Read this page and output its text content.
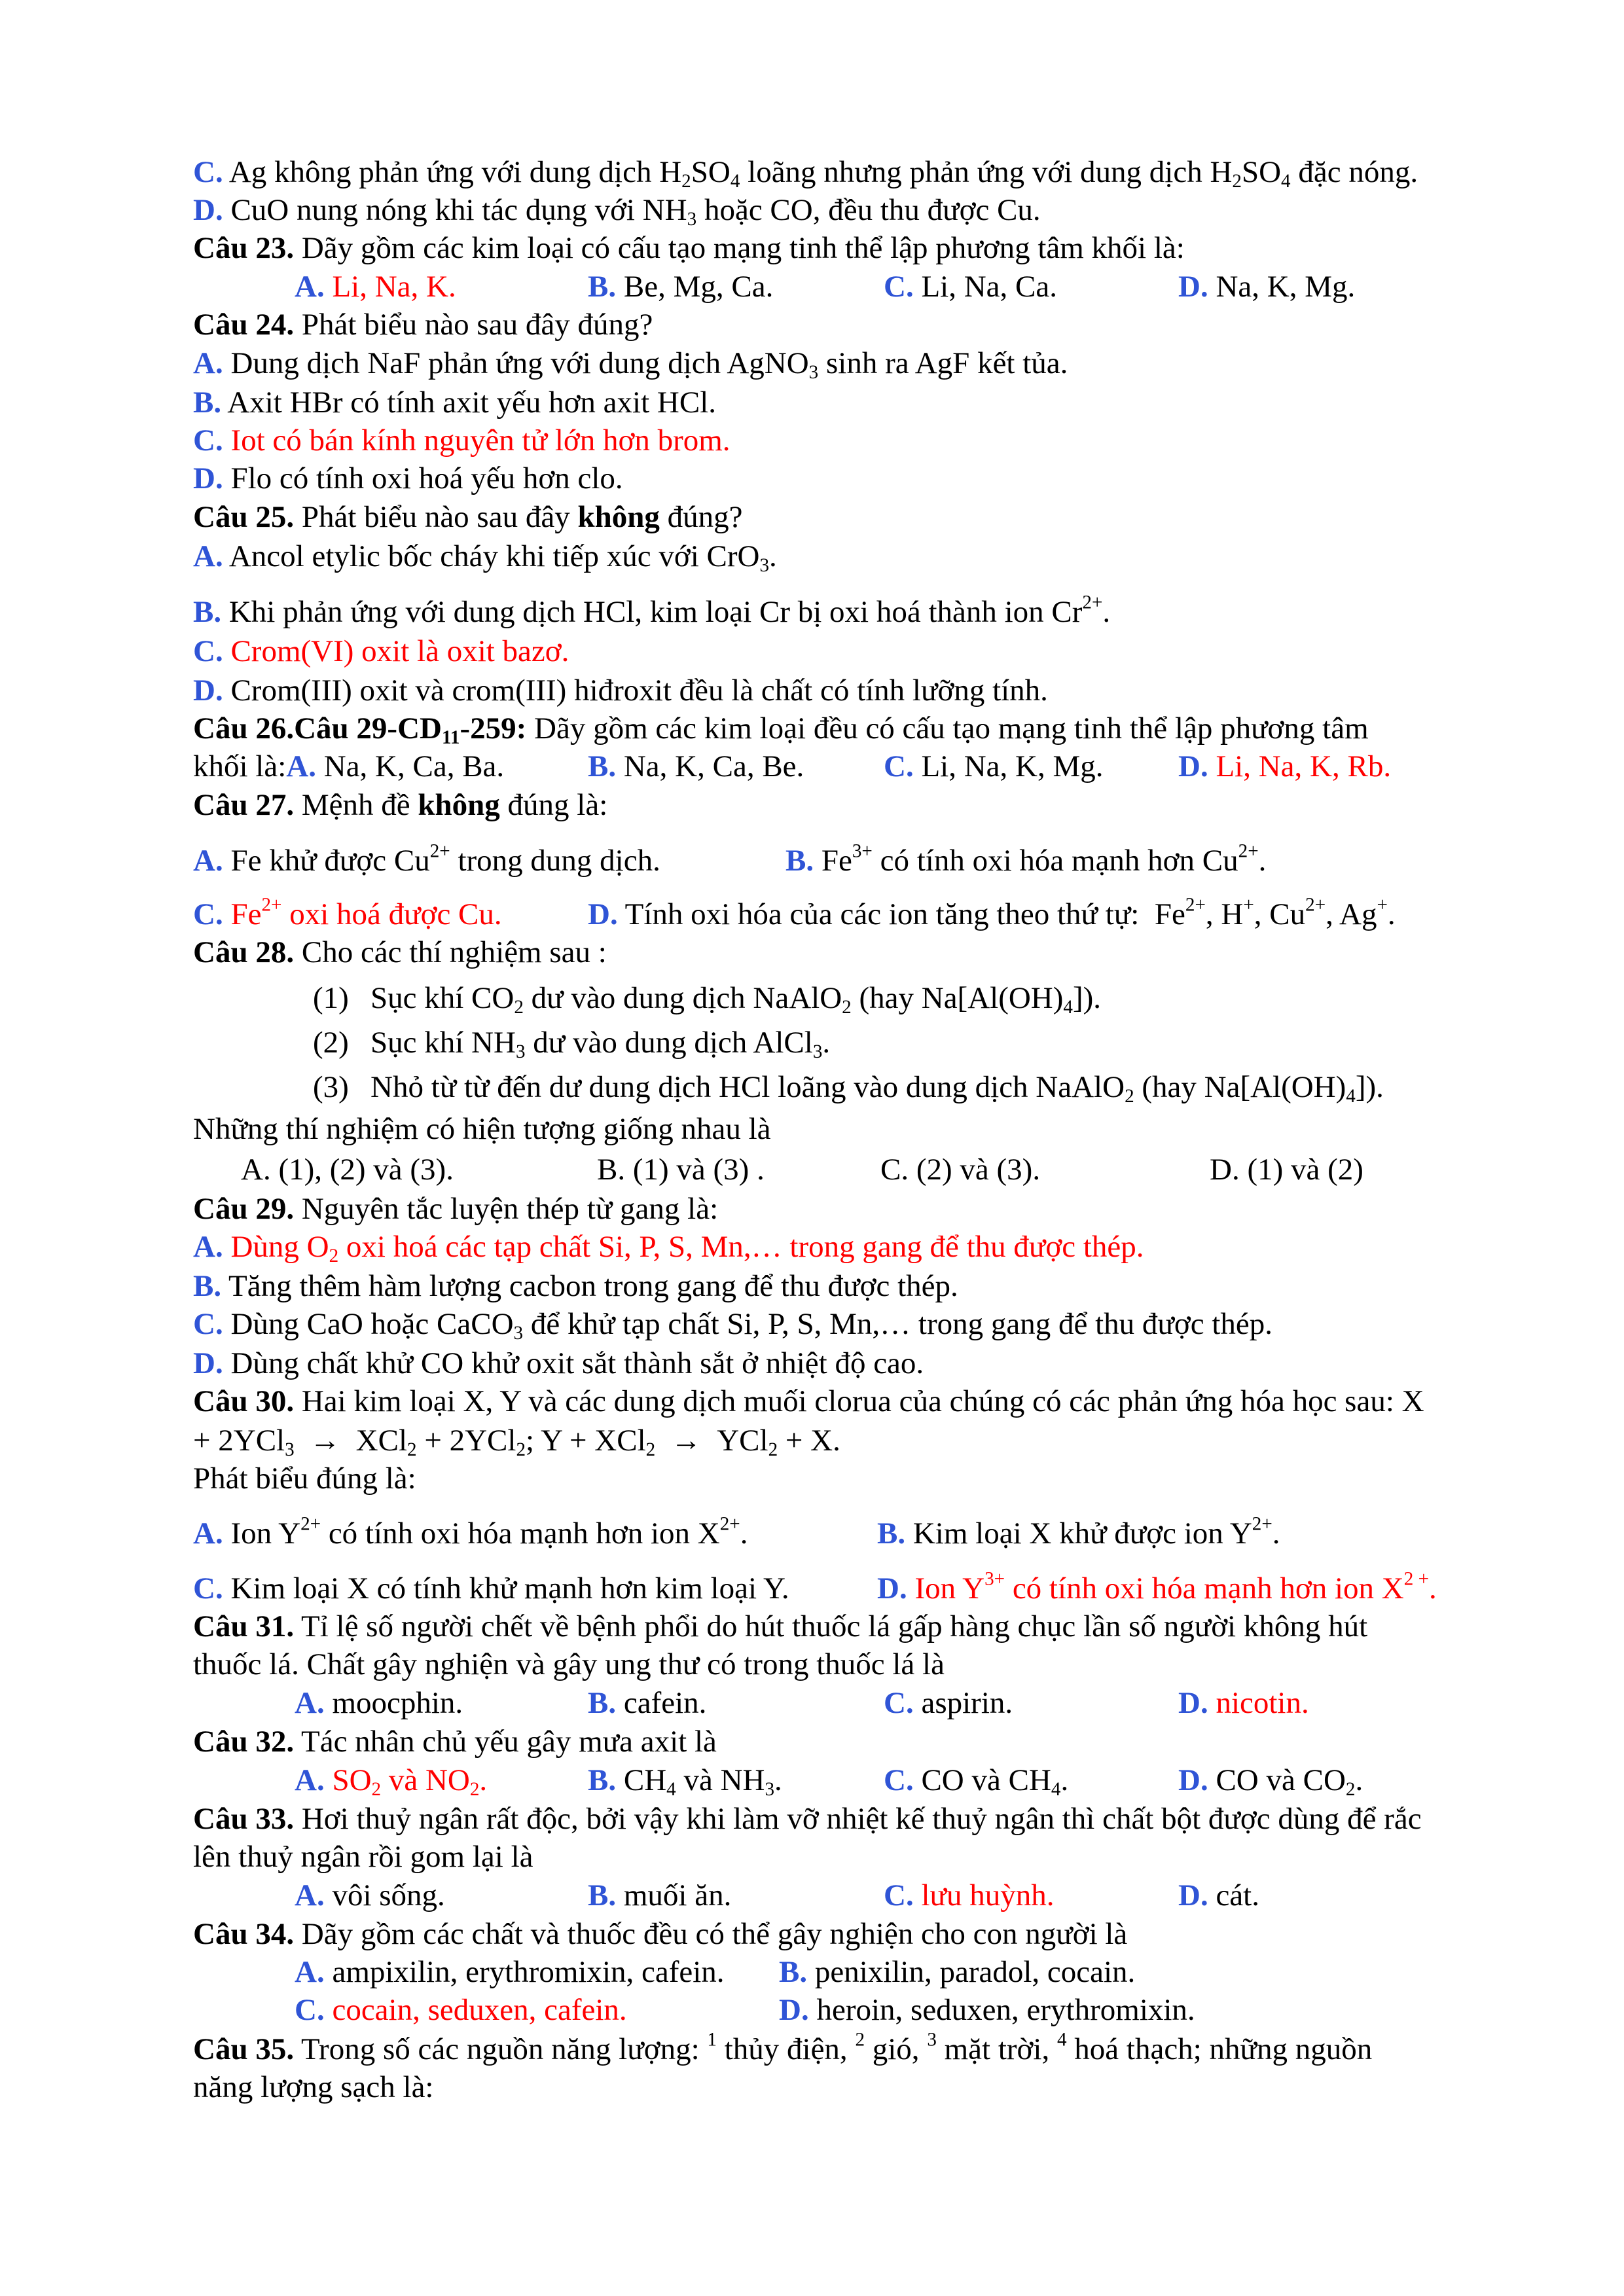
C. Ag không phản ứng với dung dịch $H_2SO_4$ loãng nhưng phản ứng với dung dịch $H_2SO_4$ đặc nóng.
D. CuO nung nóng khi tác dụng với $NH_3$ hoặc CO, đều thu được Cu.
Câu 23. Dãy gồm các kim loại có cấu tạo mạng tinh thể lập phương tâm khối là:
A. Li, Na, K.	B. Be, Mg, Ca.	C. Li, Na, Ca.	D. Na, K, Mg.
Câu 24. Phát biểu nào sau đây đúng?
A. Dung dịch NaF phản ứng với dung dịch AgNO$_3$ sinh ra AgF kết tủa.
B. Axit HBr có tính axit yếu hơn axit HCl.
C. Iot có bán kính nguyên tử lớn hơn brom.
D. Flo có tính oxi hoá yếu hơn clo.
Câu 25. Phát biểu nào sau đây không đúng?
A. Ancol etylic bốc cháy khi tiếp xúc với CrO$_3$.
B. Khi phản ứng với dung dịch HCl, kim loại Cr bị oxi hoá thành ion $Cr^{2+}$.
C. Crom(VI) oxit là oxit bazơ.
D. Crom(III) oxit và crom(III) hiđroxit đều là chất có tính lưỡng tính.
Câu 26.Câu $29-CD_{11}-259$: Dãy gồm các kim loại đều có cấu tạo mạng tinh thể lập phương tâm
khối là:A. Na, K, Ca, Ba.	B. Na, K, Ca, Be.	C. Li, Na, K, Mg. D. Li, Na, K, Rb.
Câu 27. Mệnh đề không đúng là:
A. Fe khử được $Cu^{2+}$ trong dung dịch.	B. $Fe^{3+}$ có tính oxi hóa mạnh hơn $Cu^{2+}$.
C. $Fe^{2+}$ oxi hoá được Cu.	D. Tính oxi hóa của các ion tăng theo thứ tự:  $Fe^{2+}$, H+, $Cu^{2+}$, Ag+.
Câu 28. Cho các thí nghiệm sau :
(1) Sục khí $CO_2$ dư vào dung dịch NaAlO$_2$ (hay $Na[Al(OH)_4]$).
(2) Sục khí $NH_3$ dư vào dung dịch AlCl$_3$.
(3) Nhỏ từ từ đến dư dung dịch HCl loãng vào dung dịch NaAlO$_2$ (hay $Na[Al(OH)_4]$).
Những thí nghiệm có hiện tượng giống nhau là
A. (1), (2) và (3).	B. (1) và (3) .	C. (2) và (3).	D. (1) và (2)
Câu 29. Nguyên tắc luyện thép từ gang là:
A. Dùng $O_2$ oxi hoá các tạp chất Si, P, S, Mn,… trong gang để thu được thép.
B. Tăng thêm hàm lượng cacbon trong gang để thu được thép.
C. Dùng CaO hoặc CaCO$_3$ để khử tạp chất Si, P, S, Mn,… trong gang để thu được thép.
D. Dùng chất khử CO khử oxit sắt thành sắt ở nhiệt độ cao.
Câu 30. Hai kim loại X, Y và các dung dịch muối clorua của chúng có các phản ứng hóa học sau: X
+ 2YCl$_3$  →  XCl$_2$ + 2YCl$_2$; Y + XCl$_2$  →  YCl$_2$ + X.
Phát biểu đúng là:
A. Ion $Y^{2+}$ có tính oxi hóa mạnh hơn ion $X^{2+}$.	B. Kim loại X khử được ion $Y^{2+}$.
C. Kim loại X có tính khử mạnh hơn kim loại Y.	D. Ion $Y^{3+}$ có tính oxi hóa mạnh hơn ion $X^{2 +}$.
Câu 31. Tỉ lệ số người chết về bệnh phổi do hút thuốc lá gấp hàng chục lần số người không hút
thuốc lá. Chất gây nghiện và gây ung thư có trong thuốc lá là
A. moocphin.	B. cafein.	C. aspirin.	D. nicotin.
Câu 32. Tác nhân chủ yếu gây mưa axit là
A. $SO_2$ và $NO_2$.	B. $CH_4$ và $NH_3$.	C. CO và $CH_4$.	D. CO và $CO_2$.
Câu 33. Hơi thuỷ ngân rất độc, bởi vậy khi làm vỡ nhiệt kế thuỷ ngân thì chất bột được dùng để rắc
lên thuỷ ngân rồi gom lại là
A. vôi sống.	B. muối ăn.	C. lưu huỳnh.	D. cát.
Câu 34. Dãy gồm các chất và thuốc đều có thể gây nghiện cho con người là
A. ampixilin, erythromixin, cafein. B. penixilin, paradol, cocain.
C. cocain, seduxen, cafein.	D. heroin, seduxen, erythromixin.
Câu 35. Trong số các nguồn năng lượng: $^1$ thủy điện, $^2$ gió, $^3$ mặt trời, $^4$ hoá thạch; những nguồn
năng lượng sạch là:
